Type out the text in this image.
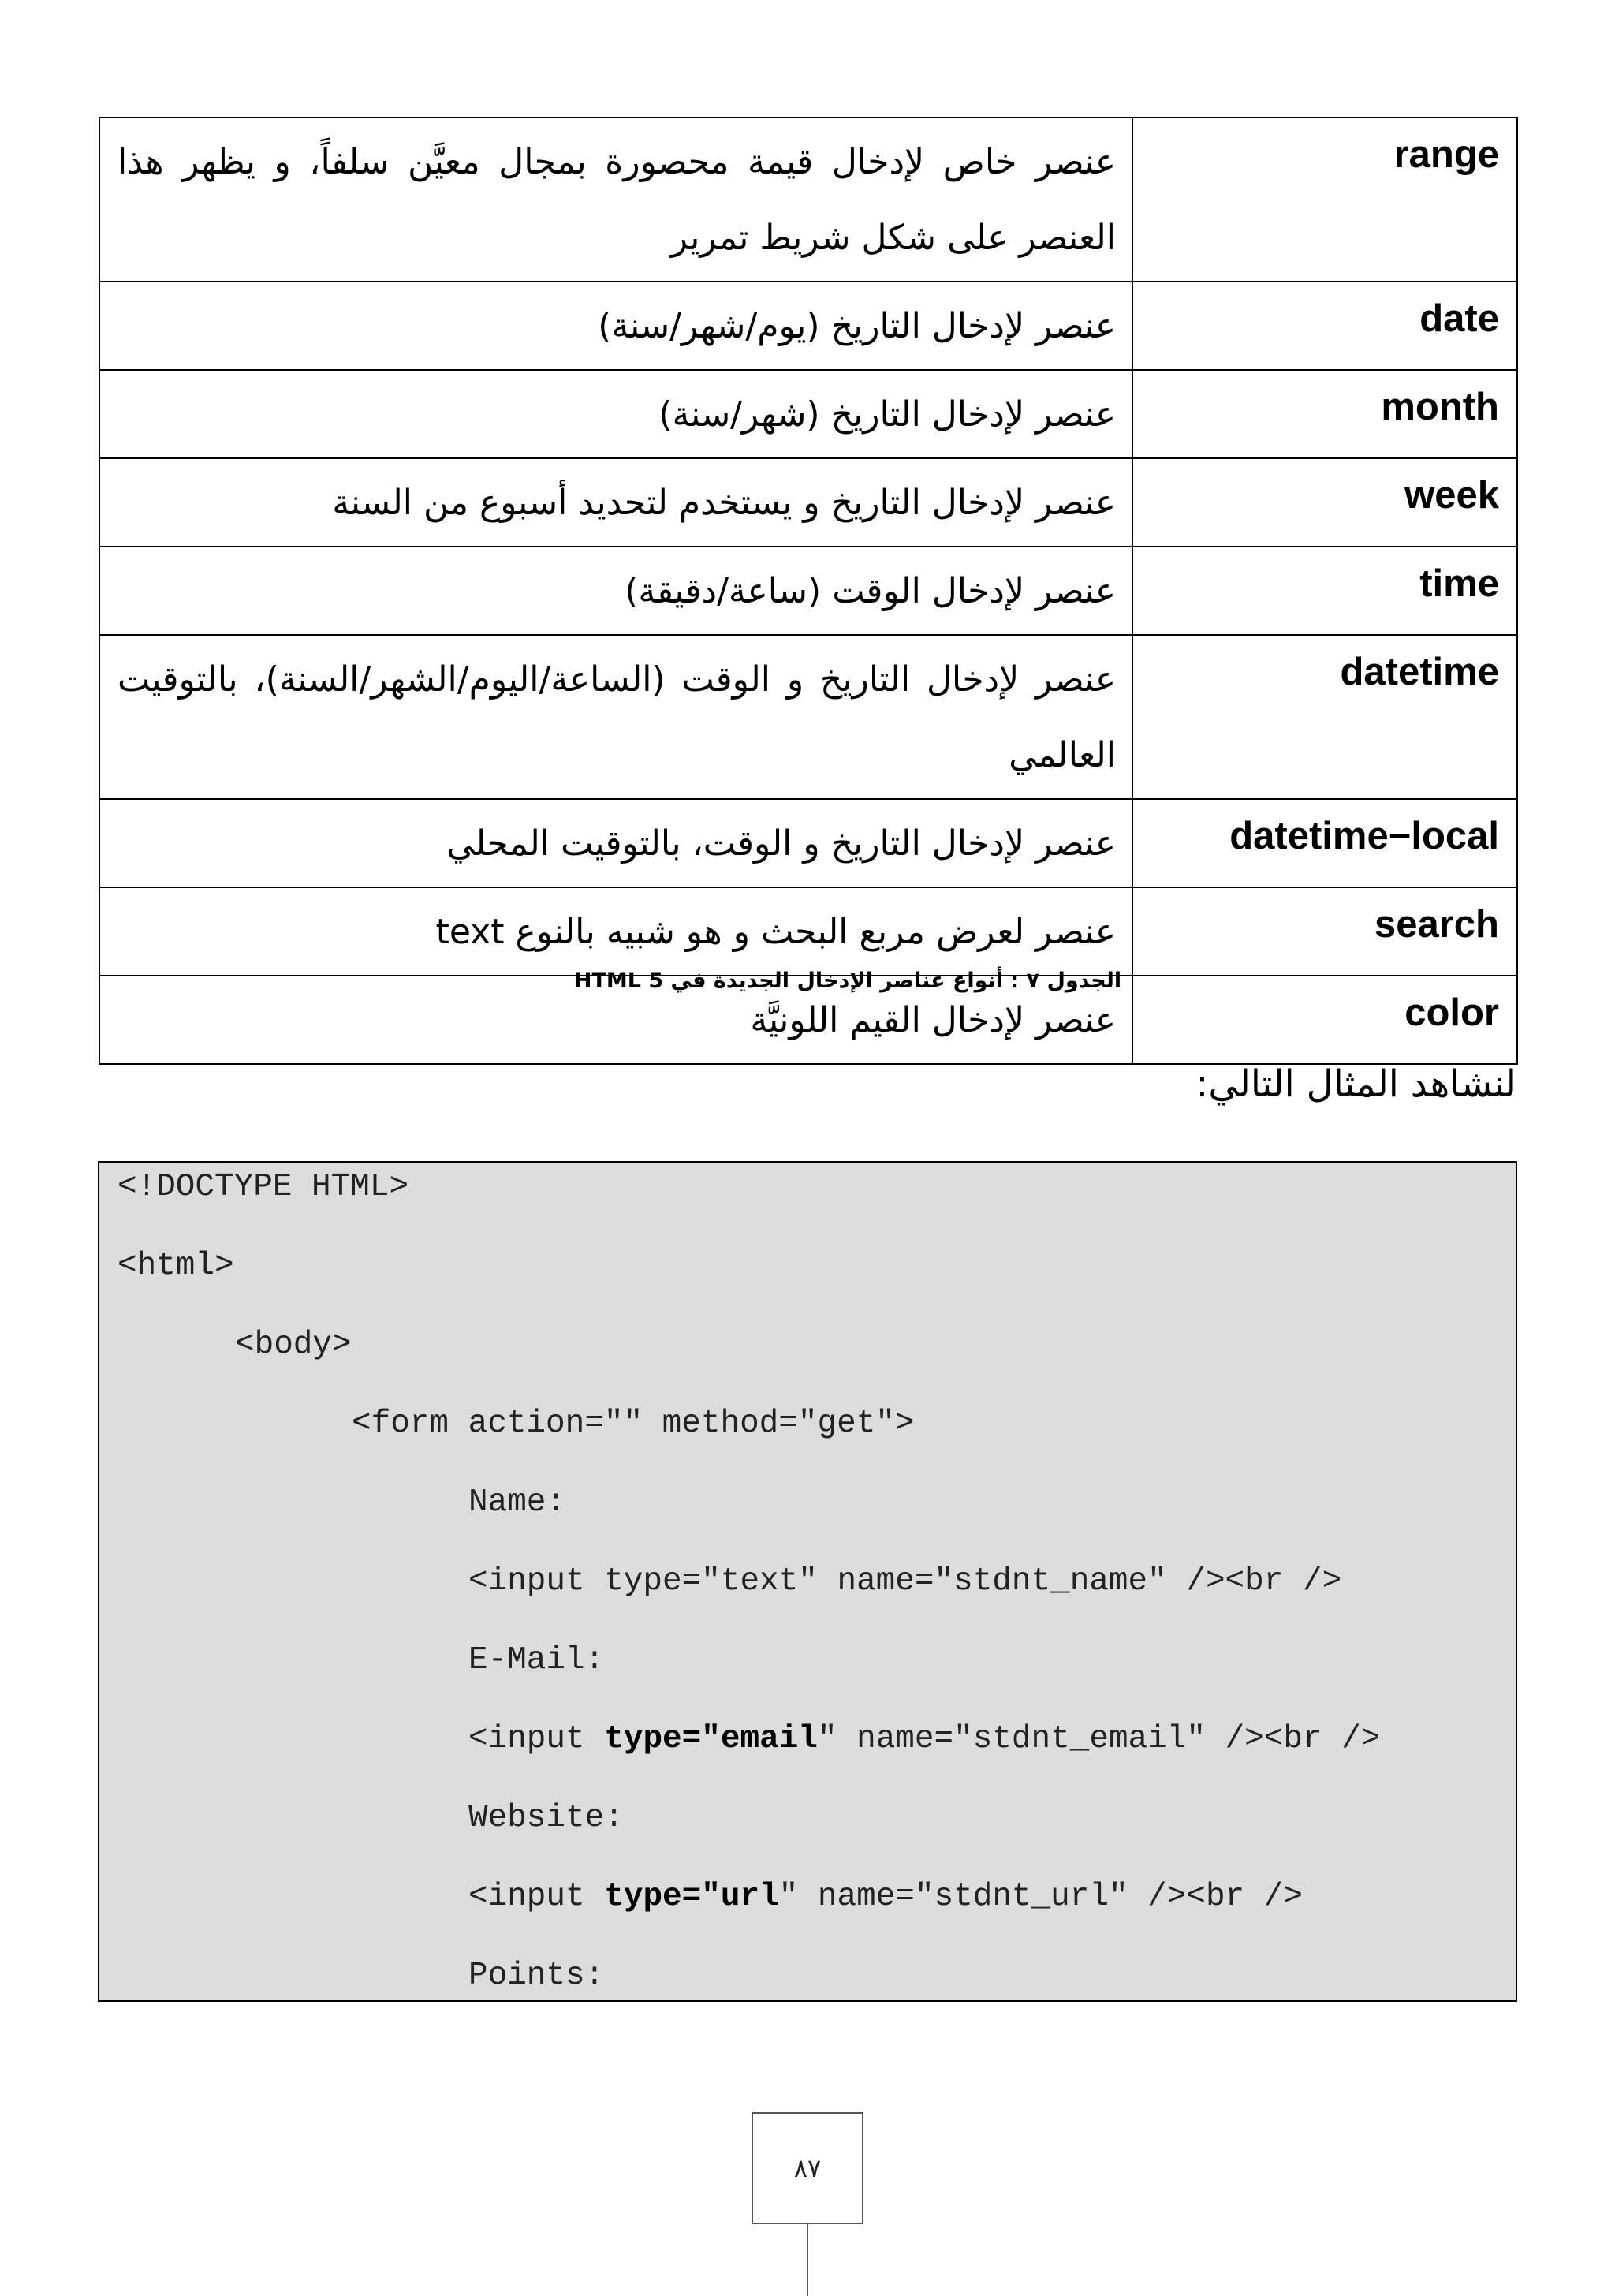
range	عنصر خاص لإدخال قيمة محصورة بمجال معيَّن سلفاً، و يظهر هذا العنصر على شكل شريط تمرير
date	عنصر لإدخال التاريخ (يوم/شهر/سنة)
month	عنصر لإدخال التاريخ (شهر/سنة)
week	عنصر لإدخال التاريخ و يستخدم لتحديد أسبوع من السنة
time	عنصر لإدخال الوقت (ساعة/دقيقة)
datetime	عنصر لإدخال التاريخ و الوقت (الساعة/اليوم/الشهر/السنة)، بالتوقيت العالمي
datetime−local	عنصر لإدخال التاريخ و الوقت، بالتوقيت المحلي
search	عنصر لعرض مربع البحث و هو شبيه بالنوع text
color	عنصر لإدخال القيم اللونيَّة
الجدول ٧ : أنواع عناصر الإدخال الجديدة في HTML 5
لنشاهد المثال التالي:
<!DOCTYPE HTML>
<html>
<body>
<form action="" method="get">
Name:
<input type="text" name="stdnt_name" /><br />
E-Mail:
<input type="email" name="stdnt_email" /><br />
Website:
<input type="url" name="stdnt_url" /><br />
Points:
٨٧
